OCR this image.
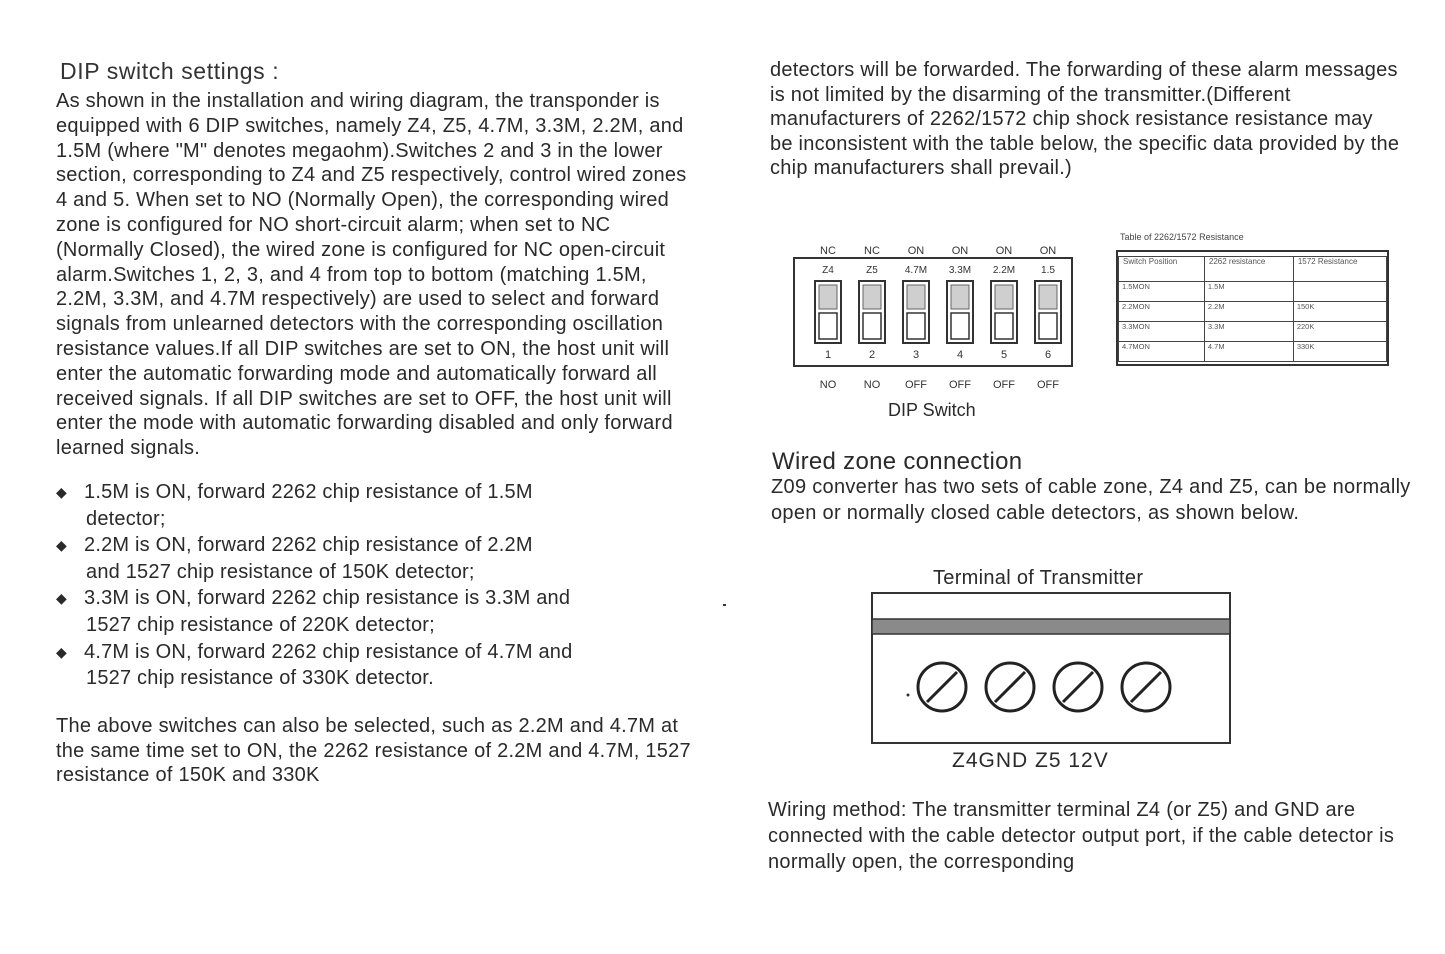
DIP switch settings :

As shown in the installation and wiring diagram, the transponder is equipped with 6 DIP switches, namely Z4, Z5, 4.7M, 3.3M, 2.2M, and 1.5M (where "M" denotes megaohm).Switches 2 and 3 in the lower section, corresponding to Z4 and Z5 respectively, control wired zones 4 and 5. When set to NO (Normally Open), the corresponding wired zone is configured for NO short-circuit alarm; when set to NC (Normally Closed), the wired zone is configured for NC open-circuit alarm.Switches 1, 2, 3, and 4 from top to bottom (matching 1.5M, 2.2M, 3.3M, and 4.7M respectively) are used to select and forward signals from unlearned detectors with the corresponding oscillation resistance values.If all DIP switches are set to ON, the host unit will enter the automatic forwarding mode and automatically forward all received signals. If all DIP switches are set to OFF, the host unit will enter the mode with automatic forwarding disabled and only forward learned signals.

◆ 1.5M is ON, forward 2262 chip resistance of 1.5M
detector;
◆ 2.2M is ON, forward 2262 chip resistance of 2.2M
and 1527 chip resistance of 150K detector;
◆ 3.3M is ON, forward 2262 chip resistance is 3.3M and
1527 chip resistance of 220K detector;
◆ 4.7M is ON, forward 2262 chip resistance of 4.7M and
1527 chip resistance of 330K detector.

The above switches can also be selected, such as 2.2M and 4.7M at the same time set to ON, the 2262 resistance of 2.2M and 4.7M, 1527 resistance of 150K and 330K

detectors will be forwarded. The forwarding of these alarm messages is not limited by the disarming of the transmitter.(Different manufacturers of 2262/1572 chip shock resistance resistance may be inconsistent with the table below, the specific data provided by the chip manufacturers shall prevail.)

Z4
1
Z5
2
4.7M
3
3.3M
4
2.2M
5
1.5
6
NC
NO
NC
NO
ON
OFF
ON
OFF
ON
OFF
ON
OFF
DIP Switch
Table of 2262/1572 Resistance
Switch Position	2262 resistance	1572 Resistance
1.5MON	1.5M	
2.2MON	2.2M	150K
3.3MON	3.3M	220K
4.7MON	4.7M	330K
Wired zone connection

Z09 converter has two sets of cable zone, Z4 and Z5, can be normally open or normally closed cable detectors, as shown below.

Terminal of Transmitter
Z4GND Z5 12V

Wiring method: The transmitter terminal Z4 (or Z5) and GND are connected with the cable detector output port, if the cable detector is normally open, the corresponding
